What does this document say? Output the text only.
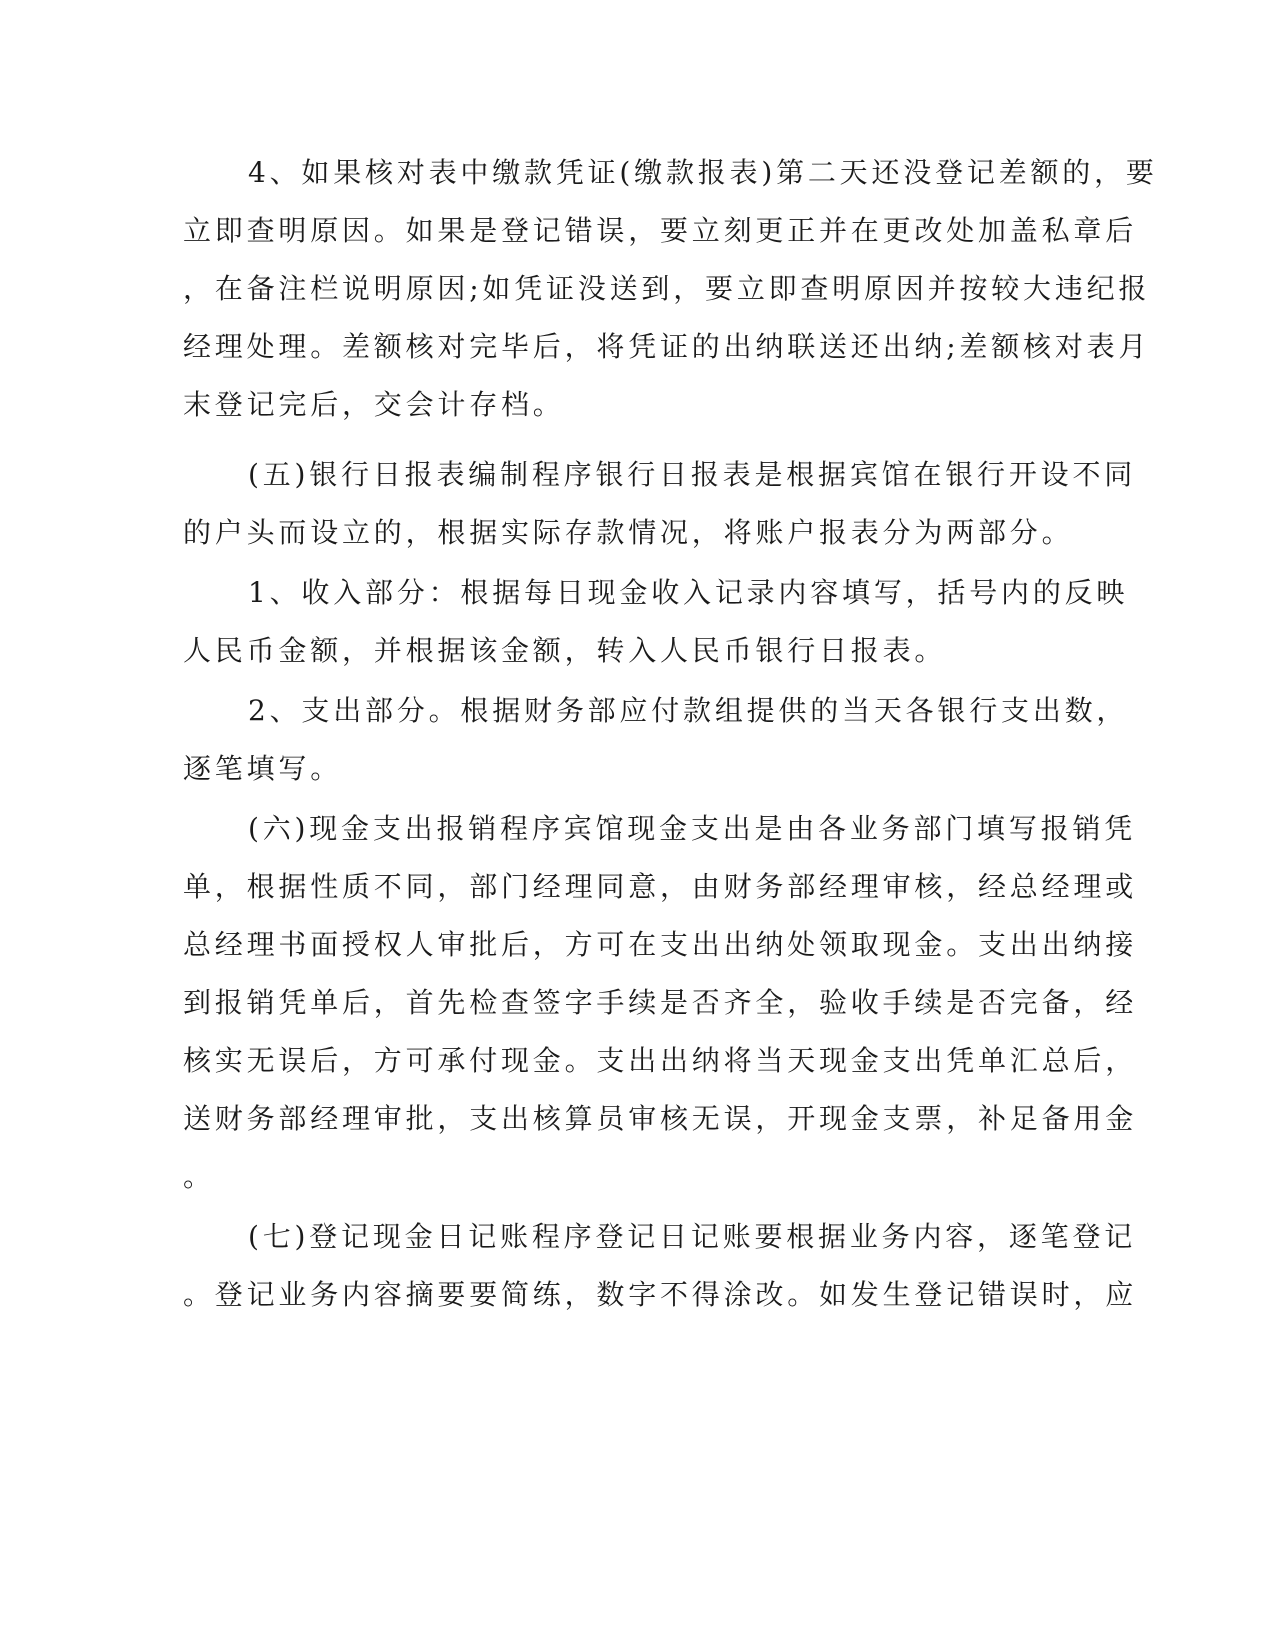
4、如果核对表中缴款凭证(缴款报表)第二天还没登记差额的，要

立即查明原因。如果是登记错误，要立刻更正并在更改处加盖私章后

，在备注栏说明原因;如凭证没送到，要立即查明原因并按较大违纪报

经理处理。差额核对完毕后，将凭证的出纳联送还出纳;差额核对表月

末登记完后，交会计存档。

(五)银行日报表编制程序银行日报表是根据宾馆在银行开设不同

的户头而设立的，根据实际存款情况，将账户报表分为两部分。

1、收入部分：根据每日现金收入记录内容填写，括号内的反映

人民币金额，并根据该金额，转入人民币银行日报表。

2、支出部分。根据财务部应付款组提供的当天各银行支出数，

逐笔填写。

(六)现金支出报销程序宾馆现金支出是由各业务部门填写报销凭

单，根据性质不同，部门经理同意，由财务部经理审核，经总经理或

总经理书面授权人审批后，方可在支出出纳处领取现金。支出出纳接

到报销凭单后，首先检查签字手续是否齐全，验收手续是否完备，经

核实无误后，方可承付现金。支出出纳将当天现金支出凭单汇总后，

送财务部经理审批，支出核算员审核无误，开现金支票，补足备用金

。

(七)登记现金日记账程序登记日记账要根据业务内容，逐笔登记

。登记业务内容摘要要简练，数字不得涂改。如发生登记错误时，应
